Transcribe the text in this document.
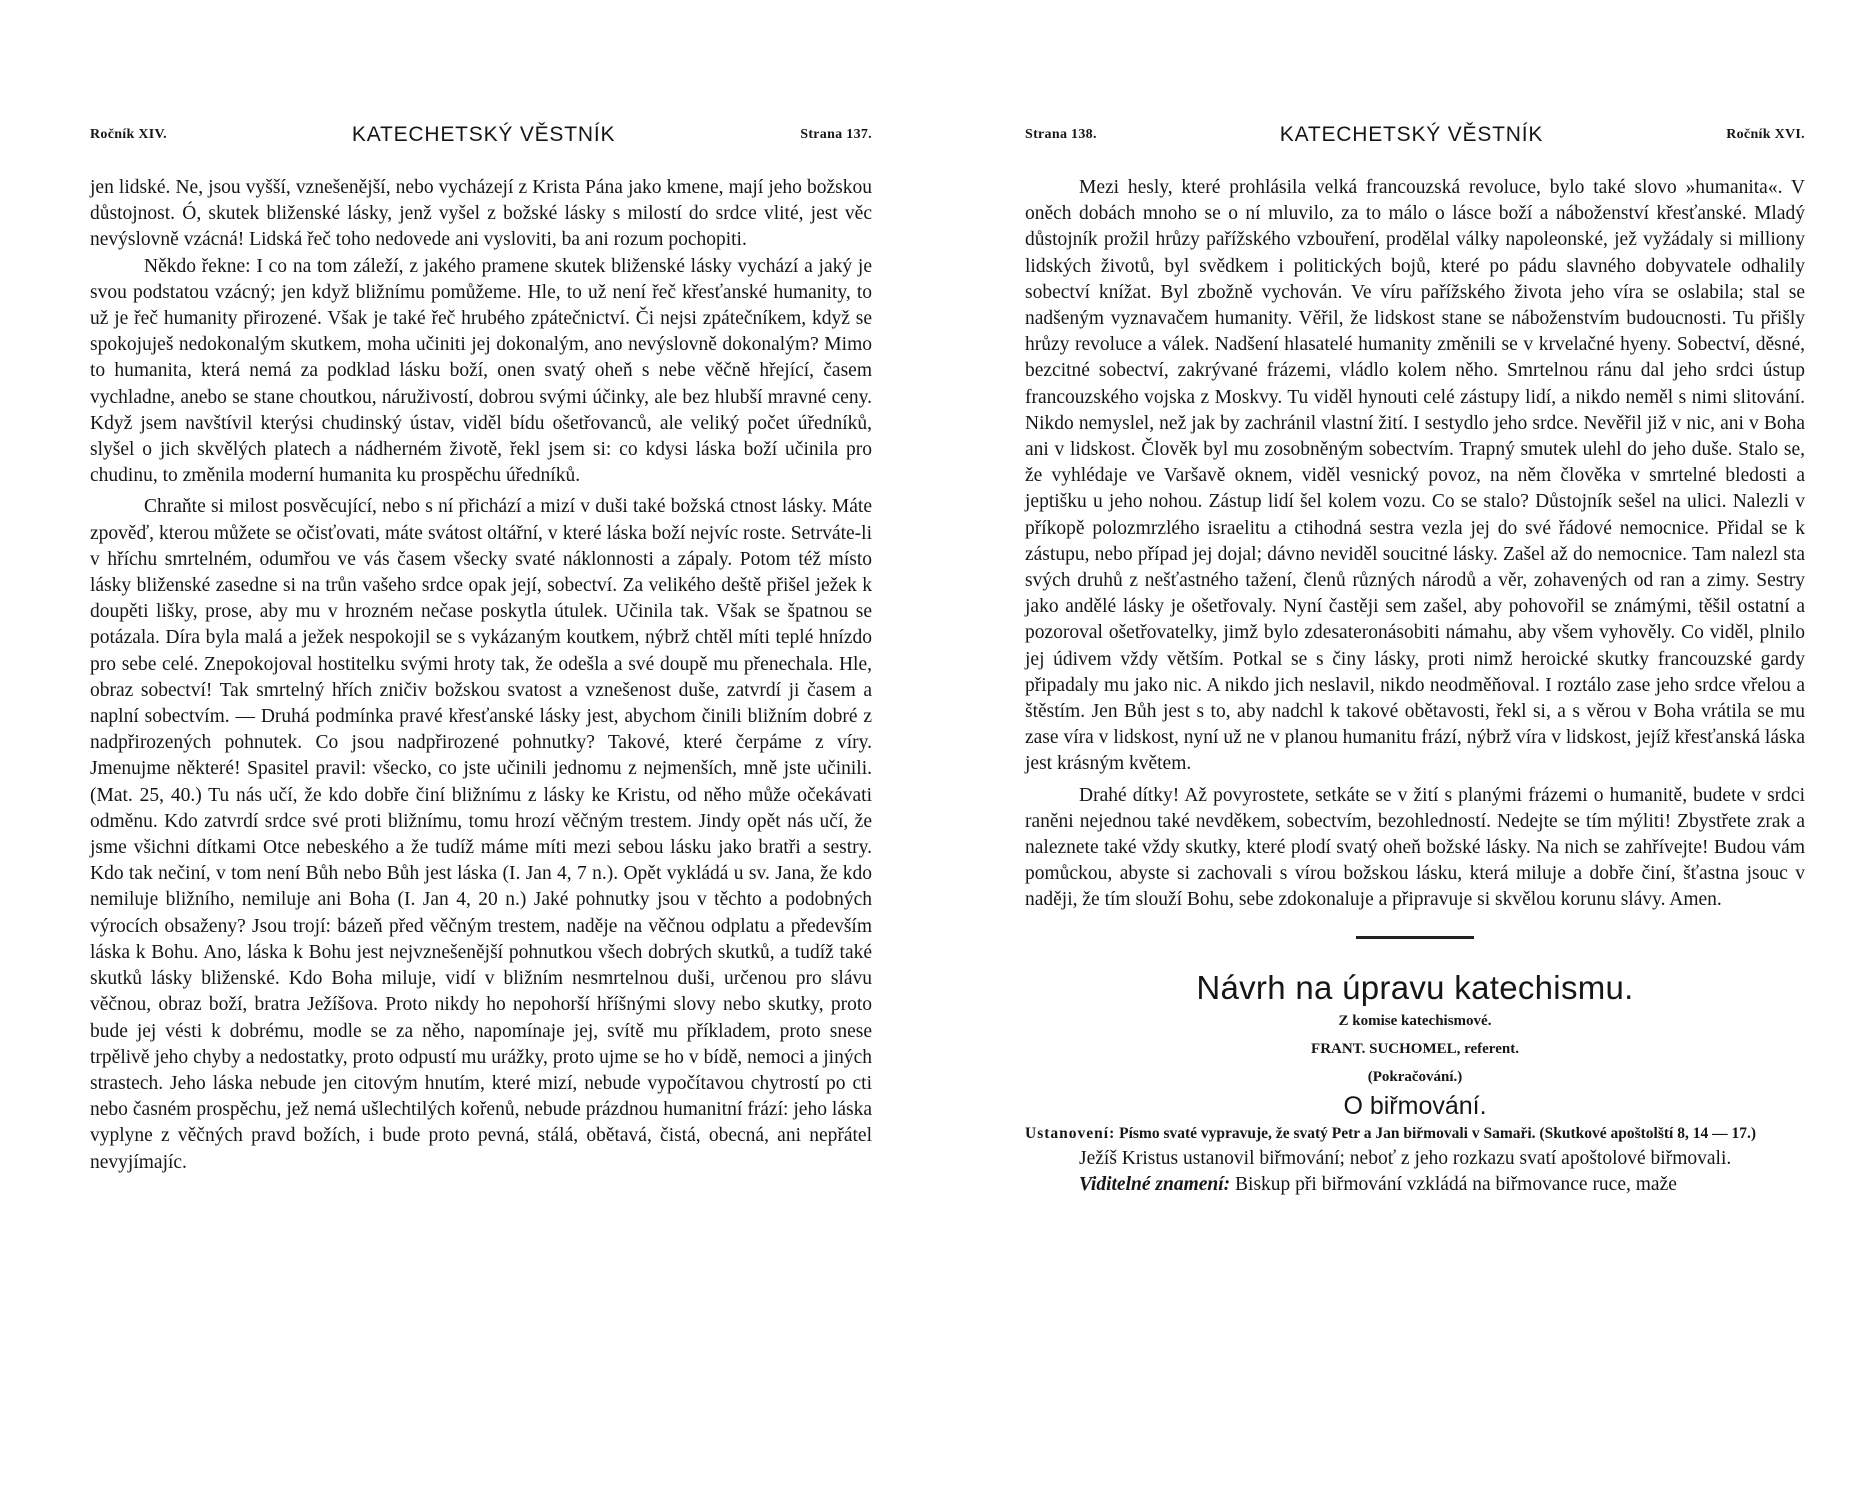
Ročník XIV.	KATECHETSKÝ VĚSTNÍK	Strana 137.

jen lidské. Ne, jsou vyšší, vznešenější, nebo vycházejí z Krista Pána jako kmene, mají jeho božskou důstojnost. Ó, skutek bliženské lásky, jenž vyšel z božské lásky s milostí do srdce vlité, jest věc nevýslovně vzácná! Lidská řeč toho nedovede ani vysloviti, ba ani rozum pochopiti.

Někdo řekne: I co na tom záleží, z jakého pramene skutek bliženské lásky vychází a jaký je svou podstatou vzácný; jen když bližnímu pomůžeme. Hle, to už není řeč křesťanské humanity, to už je řeč humanity přirozené. Však je také řeč hrubého zpátečnictví. Či nejsi zpátečníkem, když se spokojuješ nedokonalým skutkem, moha učiniti jej dokonalým, ano nevýslovně dokonalým? Mimo to humanita, která nemá za podklad lásku boží, onen svatý oheň s nebe věčně hřející, časem vychladne, anebo se stane choutkou, náruživostí, dobrou svými účinky, ale bez hlubší mravné ceny. Když jsem navštívil kterýsi chudinský ústav, viděl bídu ošetřovanců, ale veliký počet úředníků, slyšel o jich skvělých platech a nádherném životě, řekl jsem si: co kdysi láska boží učinila pro chudinu, to změnila moderní humanita ku prospěchu úředníků.

Chraňte si milost posvěcující, nebo s ní přichází a mizí v duši také božská ctnost lásky. Máte zpověď, kterou můžete se očisťovati, máte svátost oltářní, v které láska boží nejvíc roste. Setrváte-li v hříchu smrtelném, odumřou ve vás časem všecky svaté náklonnosti a zápaly. Potom též místo lásky bliženské zasedne si na trůn vašeho srdce opak její, sobectví. Za velikého deště přišel ježek k doupěti lišky, prose, aby mu v hrozném nečase poskytla útulek. Učinila tak. Však se špatnou se potázala. Díra byla malá a ježek nespokojil se s vykázaným koutkem, nýbrž chtěl míti teplé hnízdo pro sebe celé. Znepokojoval hostitelku svými hroty tak, že odešla a své doupě mu přenechala. Hle, obraz sobectví! Tak smrtelný hřích zničiv božskou svatost a vznešenost duše, zatvrdí ji časem a naplní sobectvím. — Druhá podmínka pravé křesťanské lásky jest, abychom činili bližním dobré z nadpřirozených pohnutek. Co jsou nadpřirozené pohnutky? Takové, které čerpáme z víry. Jmenujme některé! Spasitel pravil: všecko, co jste učinili jednomu z nejmenších, mně jste učinili. (Mat. 25, 40.) Tu nás učí, že kdo dobře činí bližnímu z lásky ke Kristu, od něho může očekávati odměnu. Kdo zatvrdí srdce své proti bližnímu, tomu hrozí věčným trestem. Jindy opět nás učí, že jsme všichni dítkami Otce nebeského a že tudíž máme míti mezi sebou lásku jako bratři a sestry. Kdo tak nečiní, v tom není Bůh nebo Bůh jest láska (I. Jan 4, 7 n.). Opět vykládá u sv. Jana, že kdo nemiluje bližního, nemiluje ani Boha (I. Jan 4, 20 n.) Jaké pohnutky jsou v těchto a podobných výrocích obsaženy? Jsou trojí: bázeň před věčným trestem, naděje na věčnou odplatu a především láska k Bohu. Ano, láska k Bohu jest nejvznešenější pohnutkou všech dobrých skutků, a tudíž také skutků lásky bliženské. Kdo Boha miluje, vidí v bližním nesmrtelnou duši, určenou pro slávu věčnou, obraz boží, bratra Ježíšova. Proto nikdy ho nepohorší hříšnými slovy nebo skutky, proto bude jej vésti k dobrému, modle se za něho, napomínaje jej, svítě mu příkladem, proto snese trpělivě jeho chyby a nedostatky, proto odpustí mu urážky, proto ujme se ho v bídě, nemoci a jiných strastech. Jeho láska nebude jen citovým hnutím, které mizí, nebude vypočítavou chytrostí po cti nebo časném prospěchu, jež nemá ušlechtilých kořenů, nebude prázdnou humanitní frází: jeho láska vyplyne z věčných pravd božích, i bude proto pevná, stálá, obětavá, čistá, obecná, ani nepřátel nevyjímajíc.

Strana 138.	KATECHETSKÝ VĚSTNÍK	Ročník XVI.

Mezi hesly, které prohlásila velká francouzská revoluce, bylo také slovo »humanita«. V oněch dobách mnoho se o ní mluvilo, za to málo o lásce boží a náboženství křesťanské. Mladý důstojník prožil hrůzy pařížského vzbouření, prodělal války napoleonské, jež vyžádaly si milliony lidských životů, byl svědkem i politických bojů, které po pádu slavného dobyvatele odhalily sobectví knížat. Byl zbožně vychován. Ve víru pařížského života jeho víra se oslabila; stal se nadšeným vyznavačem humanity. Věřil, že lidskost stane se náboženstvím budoucnosti. Tu přišly hrůzy revoluce a válek. Nadšení hlasatelé humanity změnili se v krvelačné hyeny. Sobectví, děsné, bezcitné sobectví, zakrývané frázemi, vládlo kolem něho. Smrtelnou ránu dal jeho srdci ústup francouzského vojska z Moskvy. Tu viděl hynouti celé zástupy lidí, a nikdo neměl s nimi slitování. Nikdo nemyslel, než jak by zachránil vlastní žití. I sestydlo jeho srdce. Nevěřil již v nic, ani v Boha ani v lidskost. Člověk byl mu zosobněným sobectvím. Trapný smutek ulehl do jeho duše. Stalo se, že vyhlédaje ve Varšavě oknem, viděl vesnický povoz, na něm člověka v smrtelné bledosti a jeptišku u jeho nohou. Zástup lidí šel kolem vozu. Co se stalo? Důstojník sešel na ulici. Nalezli v příkopě polozmrzlého israelitu a ctihodná sestra vezla jej do své řádové nemocnice. Přidal se k zástupu, nebo případ jej dojal; dávno neviděl soucitné lásky. Zašel až do nemocnice. Tam nalezl sta svých druhů z nešťastného tažení, členů různých národů a věr, zohavených od ran a zimy. Sestry jako andělé lásky je ošetřovaly. Nyní častěji sem zašel, aby pohovořil se známými, těšil ostatní a pozoroval ošetřovatelky, jimž bylo zdesateronásobiti námahu, aby všem vyhověly. Co viděl, plnilo jej údivem vždy větším. Potkal se s činy lásky, proti nimž heroické skutky francouzské gardy připadaly mu jako nic. A nikdo jich neslavil, nikdo neodměňoval. I roztálo zase jeho srdce vřelou a štěstím. Jen Bůh jest s to, aby nadchl k takové obětavosti, řekl si, a s věrou v Boha vrátila se mu zase víra v lidskost, nyní už ne v planou humanitu frází, nýbrž víra v lidskost, jejíž křesťanská láska jest krásným květem.

Drahé dítky! Až povyrostete, setkáte se v žití s planými frázemi o humanitě, budete v srdci raněni nejednou také nevděkem, sobectvím, bezohledností. Nedejte se tím mýliti! Zbystřete zrak a naleznete také vždy skutky, které plodí svatý oheň božské lásky. Na nich se zahřívejte! Budou vám pomůckou, abyste si zachovali s vírou božskou lásku, která miluje a dobře činí, šťastna jsouc v naději, že tím slouží Bohu, sebe zdokonaluje a připravuje si skvělou korunu slávy. Amen.

Návrh na úpravu katechismu.

Z komise katechismové.

FRANT. SUCHOMEL, referent.

(Pokračování.)

O biřmování.

Ustanovení: Písmo svaté vypravuje, že svatý Petr a Jan biřmovali v Samaři. (Skutkové apoštolští 8, 14 — 17.)

Ježíš Kristus ustanovil biřmování; neboť z jeho rozkazu svatí apoštolové biřmovali.

Viditelné znamení: Biskup při biřmování vzkládá na biřmovance ruce, maže
